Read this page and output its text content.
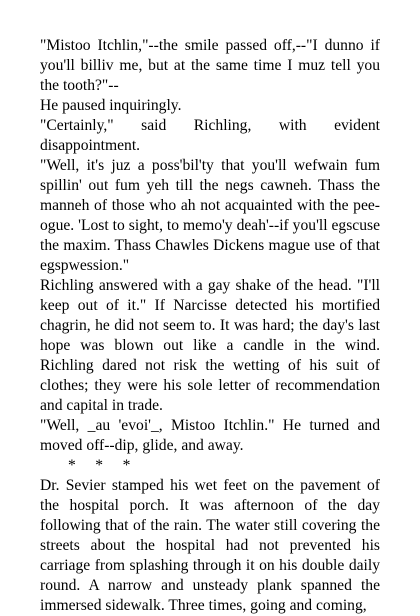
"Mistoo Itchlin,"--the smile passed off,--"I dunno if you'll billiv me, but at the same time I muz tell you the tooth?"--

He paused inquiringly.

"Certainly," said Richling, with evident disappointment.

"Well, it's juz a poss'bil'ty that you'll wefwain fum spillin' out fum yeh till the negs cawneh. Thass the manneh of those who ah not acquainted with the pee-ogue. 'Lost to sight, to memo'y deah'--if you'll egscuse the maxim. Thass Chawles Dickens mague use of that egspwession."

Richling answered with a gay shake of the head. "I'll keep out of it." If Narcisse detected his mortified chagrin, he did not seem to. It was hard; the day's last hope was blown out like a candle in the wind. Richling dared not risk the wetting of his suit of clothes; they were his sole letter of recommendation and capital in trade.

"Well, _au 'evoi'_, Mistoo Itchlin." He turned and moved off--dip, glide, and away.

*     *     *

Dr. Sevier stamped his wet feet on the pavement of the hospital porch. It was afternoon of the day following that of the rain. The water still covering the streets about the hospital had not prevented his carriage from splashing through it on his double daily round. A narrow and unsteady plank spanned the immersed sidewalk. Three times, going and coming,
